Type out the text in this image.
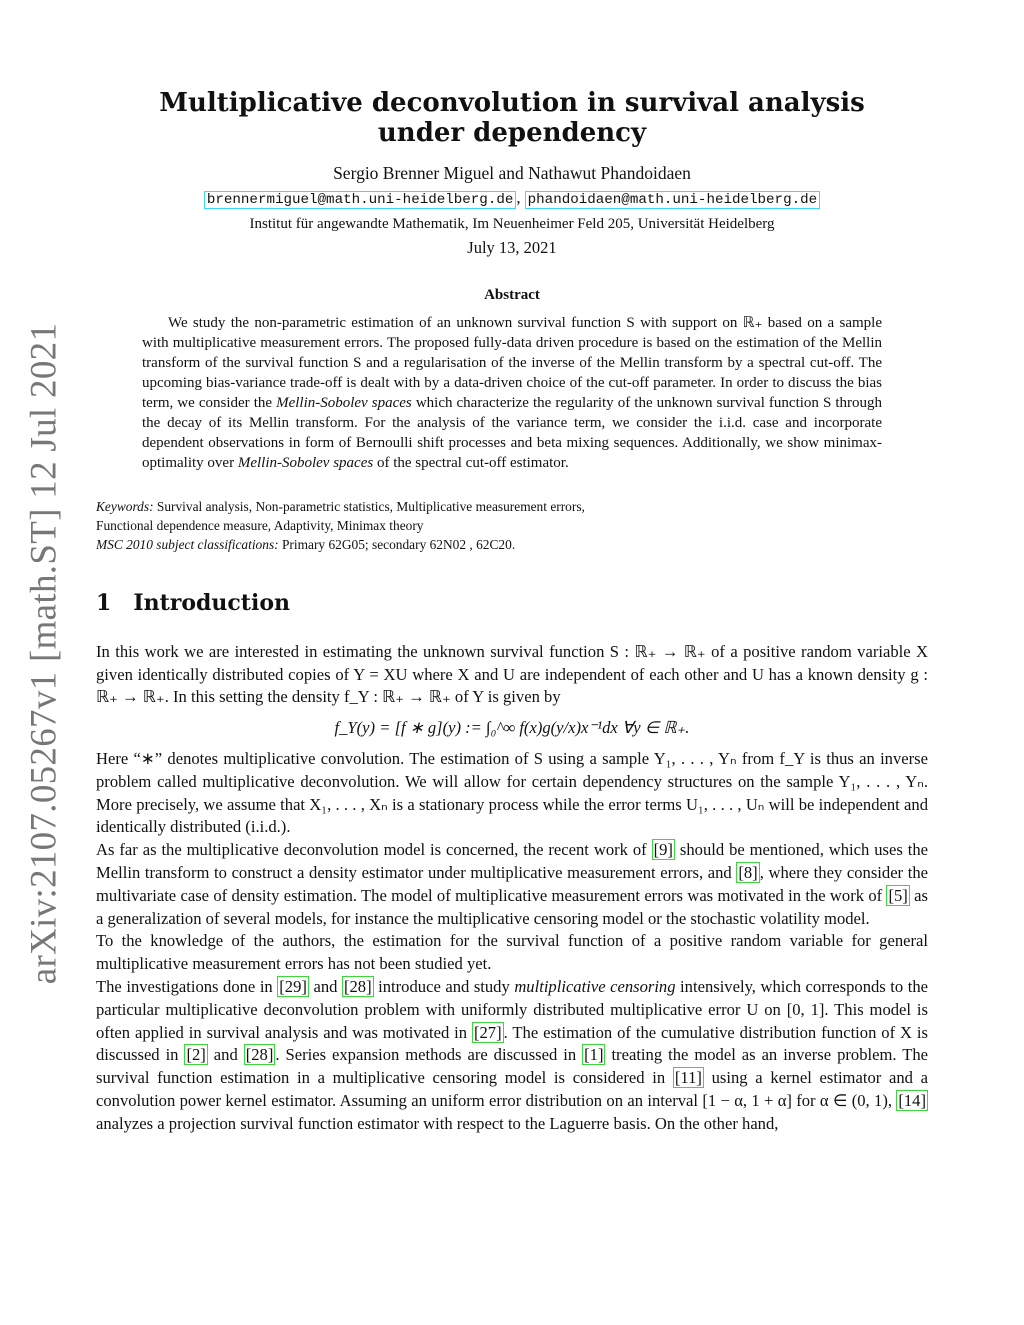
arXiv:2107.05267v1 [math.ST] 12 Jul 2021
Multiplicative deconvolution in survival analysis
under dependency
Sergio Brenner Miguel and Nathawut Phandoidaen
brennermiguel@math.uni-heidelberg.de , phandoidaen@math.uni-heidelberg.de
Institut für angewandte Mathematik, Im Neuenheimer Feld 205, Universität Heidelberg
July 13, 2021
Abstract

We study the non-parametric estimation of an unknown survival function S with support on ℝ₊ based on a sample with multiplicative measurement errors. The proposed fully-data driven procedure is based on the estimation of the Mellin transform of the survival function S and a regularisation of the inverse of the Mellin transform by a spectral cut-off. The upcoming bias-variance trade-off is dealt with by a data-driven choice of the cut-off parameter. In order to discuss the bias term, we consider the Mellin-Sobolev spaces which characterize the regularity of the unknown survival function S through the decay of its Mellin transform. For the analysis of the variance term, we consider the i.i.d. case and incorporate dependent observations in form of Bernoulli shift processes and beta mixing sequences. Additionally, we show minimax-optimality over Mellin-Sobolev spaces of the spectral cut-off estimator.

Keywords: Survival analysis, Non-parametric statistics, Multiplicative measurement errors,
Functional dependence measure, Adaptivity, Minimax theory
MSC 2010 subject classifications: Primary 62G05; secondary 62N02 , 62C20.
1 Introduction

In this work we are interested in estimating the unknown survival function S : ℝ₊ → ℝ₊ of a positive random variable X given identically distributed copies of Y = XU where X and U are independent of each other and U has a known density g : ℝ₊ → ℝ₊. In this setting the density f_Y : ℝ₊ → ℝ₊ of Y is given by

f_Y(y) = [f ∗ g](y) := ∫₀^∞ f(x)g(y/x)x⁻¹dx ∀y ∈ ℝ₊.

Here “∗” denotes multiplicative convolution. The estimation of S using a sample Y₁, . . . , Yₙ from f_Y is thus an inverse problem called multiplicative deconvolution. We will allow for certain dependency structures on the sample Y₁, . . . , Yₙ. More precisely, we assume that X₁, . . . , Xₙ is a stationary process while the error terms U₁, . . . , Uₙ will be independent and identically distributed (i.i.d.).

As far as the multiplicative deconvolution model is concerned, the recent work of [9] should be mentioned, which uses the Mellin transform to construct a density estimator under multiplicative measurement errors, and [8] , where they consider the multivariate case of density estimation. The model of multiplicative measurement errors was motivated in the work of [5] as a generalization of several models, for instance the multiplicative censoring model or the stochastic volatility model.

To the knowledge of the authors, the estimation for the survival function of a positive random variable for general multiplicative measurement errors has not been studied yet.

The investigations done in [29] and [28] introduce and study multiplicative censoring intensively, which corresponds to the particular multiplicative deconvolution problem with uniformly distributed multiplicative error U on [0, 1]. This model is often applied in survival analysis and was motivated in [27] . The estimation of the cumulative distribution function of X is discussed in [2] and [28] . Series expansion methods are discussed in [1] treating the model as an inverse problem. The survival function estimation in a multiplicative censoring model is considered in [11] using a kernel estimator and a convolution power kernel estimator. Assuming an uniform error distribution on an interval [1 − α, 1 + α] for α ∈ (0, 1), [14] analyzes a projection survival function estimator with respect to the Laguerre basis. On the other hand,
